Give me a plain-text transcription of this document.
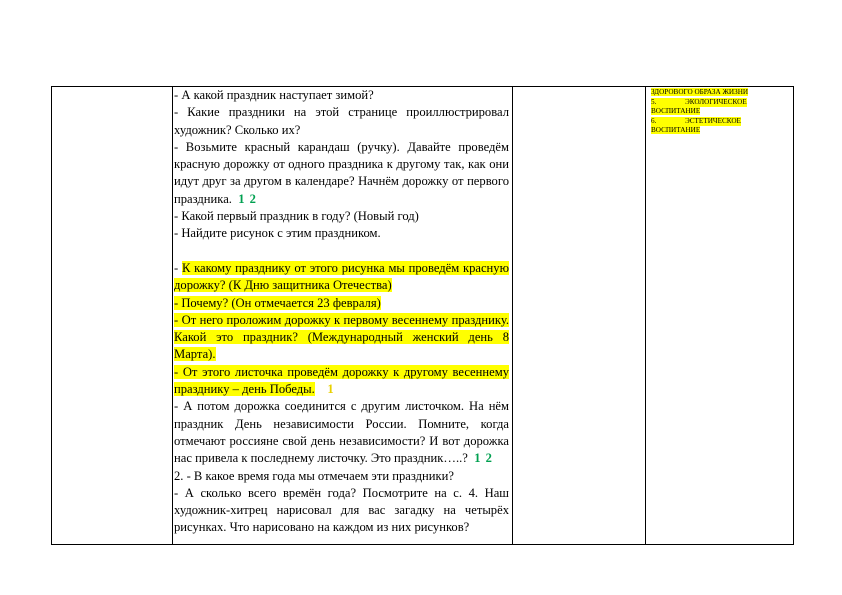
- А какой праздник наступает зимой?

- Какие праздники на этой странице проиллюстрировал художник? Сколько их?

- Возьмите красный карандаш (ручку). Давайте проведём красную дорожку от одного праздника к другому так, как они идут друг за другом в календаре? Начнём дорожку от первого праздника. 1 2

- Какой первый праздник в году? (Новый год)

- Найдите рисунок с этим праздником.

- К какому празднику от этого рисунка мы проведём красную дорожку? (К Дню защитника Отечества)

- Почему? (Он отмечается 23 февраля)

- От него проложим дорожку к первому весеннему празднику. Какой это праздник? (Международный женский день 8 Марта).

- От этого листочка проведём дорожку к другому весеннему празднику – день Победы. 1

- А потом дорожка соединится с другим листочком. На нём праздник День независимости России. Помните, когда отмечают россияне свой день независимости? И вот дорожка нас привела к последнему листочку. Это праздник…..? 1 2

2. - В какое время года мы отмечаем эти праздники?

- А сколько всего времён года? Посмотрите на с. 4. Наш художник-хитрец нарисовал для вас загадку на четырёх рисунках. Что нарисовано на каждом из них рисунков?

ЗДОРОВОГО ОБРАЗА ЖИЗНИ

5.	ЭКОЛОГИЧЕСКОЕ

ВОСПИТАНИЕ

6.	ЭСТЕТИЧЕСКОЕ

ВОСПИТАНИЕ
